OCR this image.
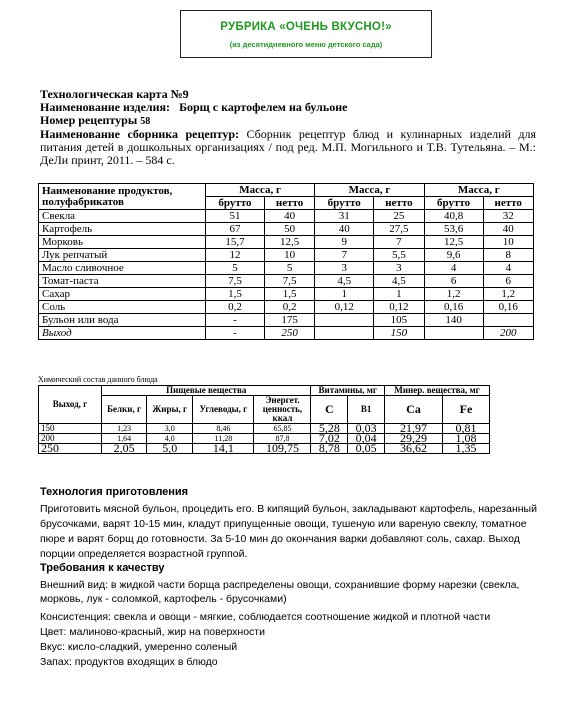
РУБРИКА «ОЧЕНЬ ВКУСНО!»
(из десятидневного меню детского сада)
Технологическая карта №9
Наименование изделия: Борщ с картофелем на бульоне
Номер рецептуры 58
Наименование сборника рецептур: Сборник рецептур блюд и кулинарных изделий для питания детей в дошкольных организациях / под ред. М.П. Могильного и Т.В. Тутельяна. – М.: ДеЛи принт, 2011. – 584 с.
Наименование продуктов, полуфабрикатов	Масса, г		Масса, г		Масса, г	
	брутто	нетто	брутто	нетто	брутто	нетто
Свекла	51	40	31	25	40,8	32
Картофель	67	50	40	27,5	53,6	40
Морковь	15,7	12,5	9	7	12,5	10
Лук репчатый	12	10	7	5,5	9,6	8
Масло сливочное	5	5	3	3	4	4
Томат-паста	7,5	7,5	4,5	4,5	6	6
Сахар	1,5	1,5	1	1	1,2	1,2
Соль	0,2	0,2	0,12	0,12	0,16	0,16
Бульон или вода	-	175		105	140	
Выход	-	250		150		200
Химический состав данного блюда
Выход, г	Пищевые вещества				Витамины, мг		Минер. вещества, мг	
	Белки, г	Жиры, г	Углеводы, г	Энергет. ценность, ккал	С	В1	Са	Fe
150	1,23	3,0	8,46	65,85	5,28	0,03	21,97	0,81
200	1,64	4,0	11,28	87,8	7,02	0,04	29,29	1,08
250	2,05	5,0	14,1	109,75	8,78	0,05	36,62	1,35
Технология приготовления
Приготовить мясной бульон, процедить его. В кипящий бульон, закладывают картофель, нарезанный брусочками, варят 10-15 мин, кладут припущенные овощи, тушеную или вареную свеклу, томатное пюре и варят борщ до готовности. За 5-10 мин до окончания варки добавляют соль, сахар. Выход порции определяется возрастной группой.
Требования к качеству
Внешний вид: в жидкой части борща распределены овощи, сохранившие форму нарезки (свекла, морковь, лук - соломкой, картофель - брусочками)
Консистенция: свекла и овощи - мягкие, соблюдается соотношение жидкой и плотной части
Цвет: малиново-красный, жир на поверхности
Вкус: кисло-сладкий, умеренно соленый
Запах: продуктов входящих в блюдо
